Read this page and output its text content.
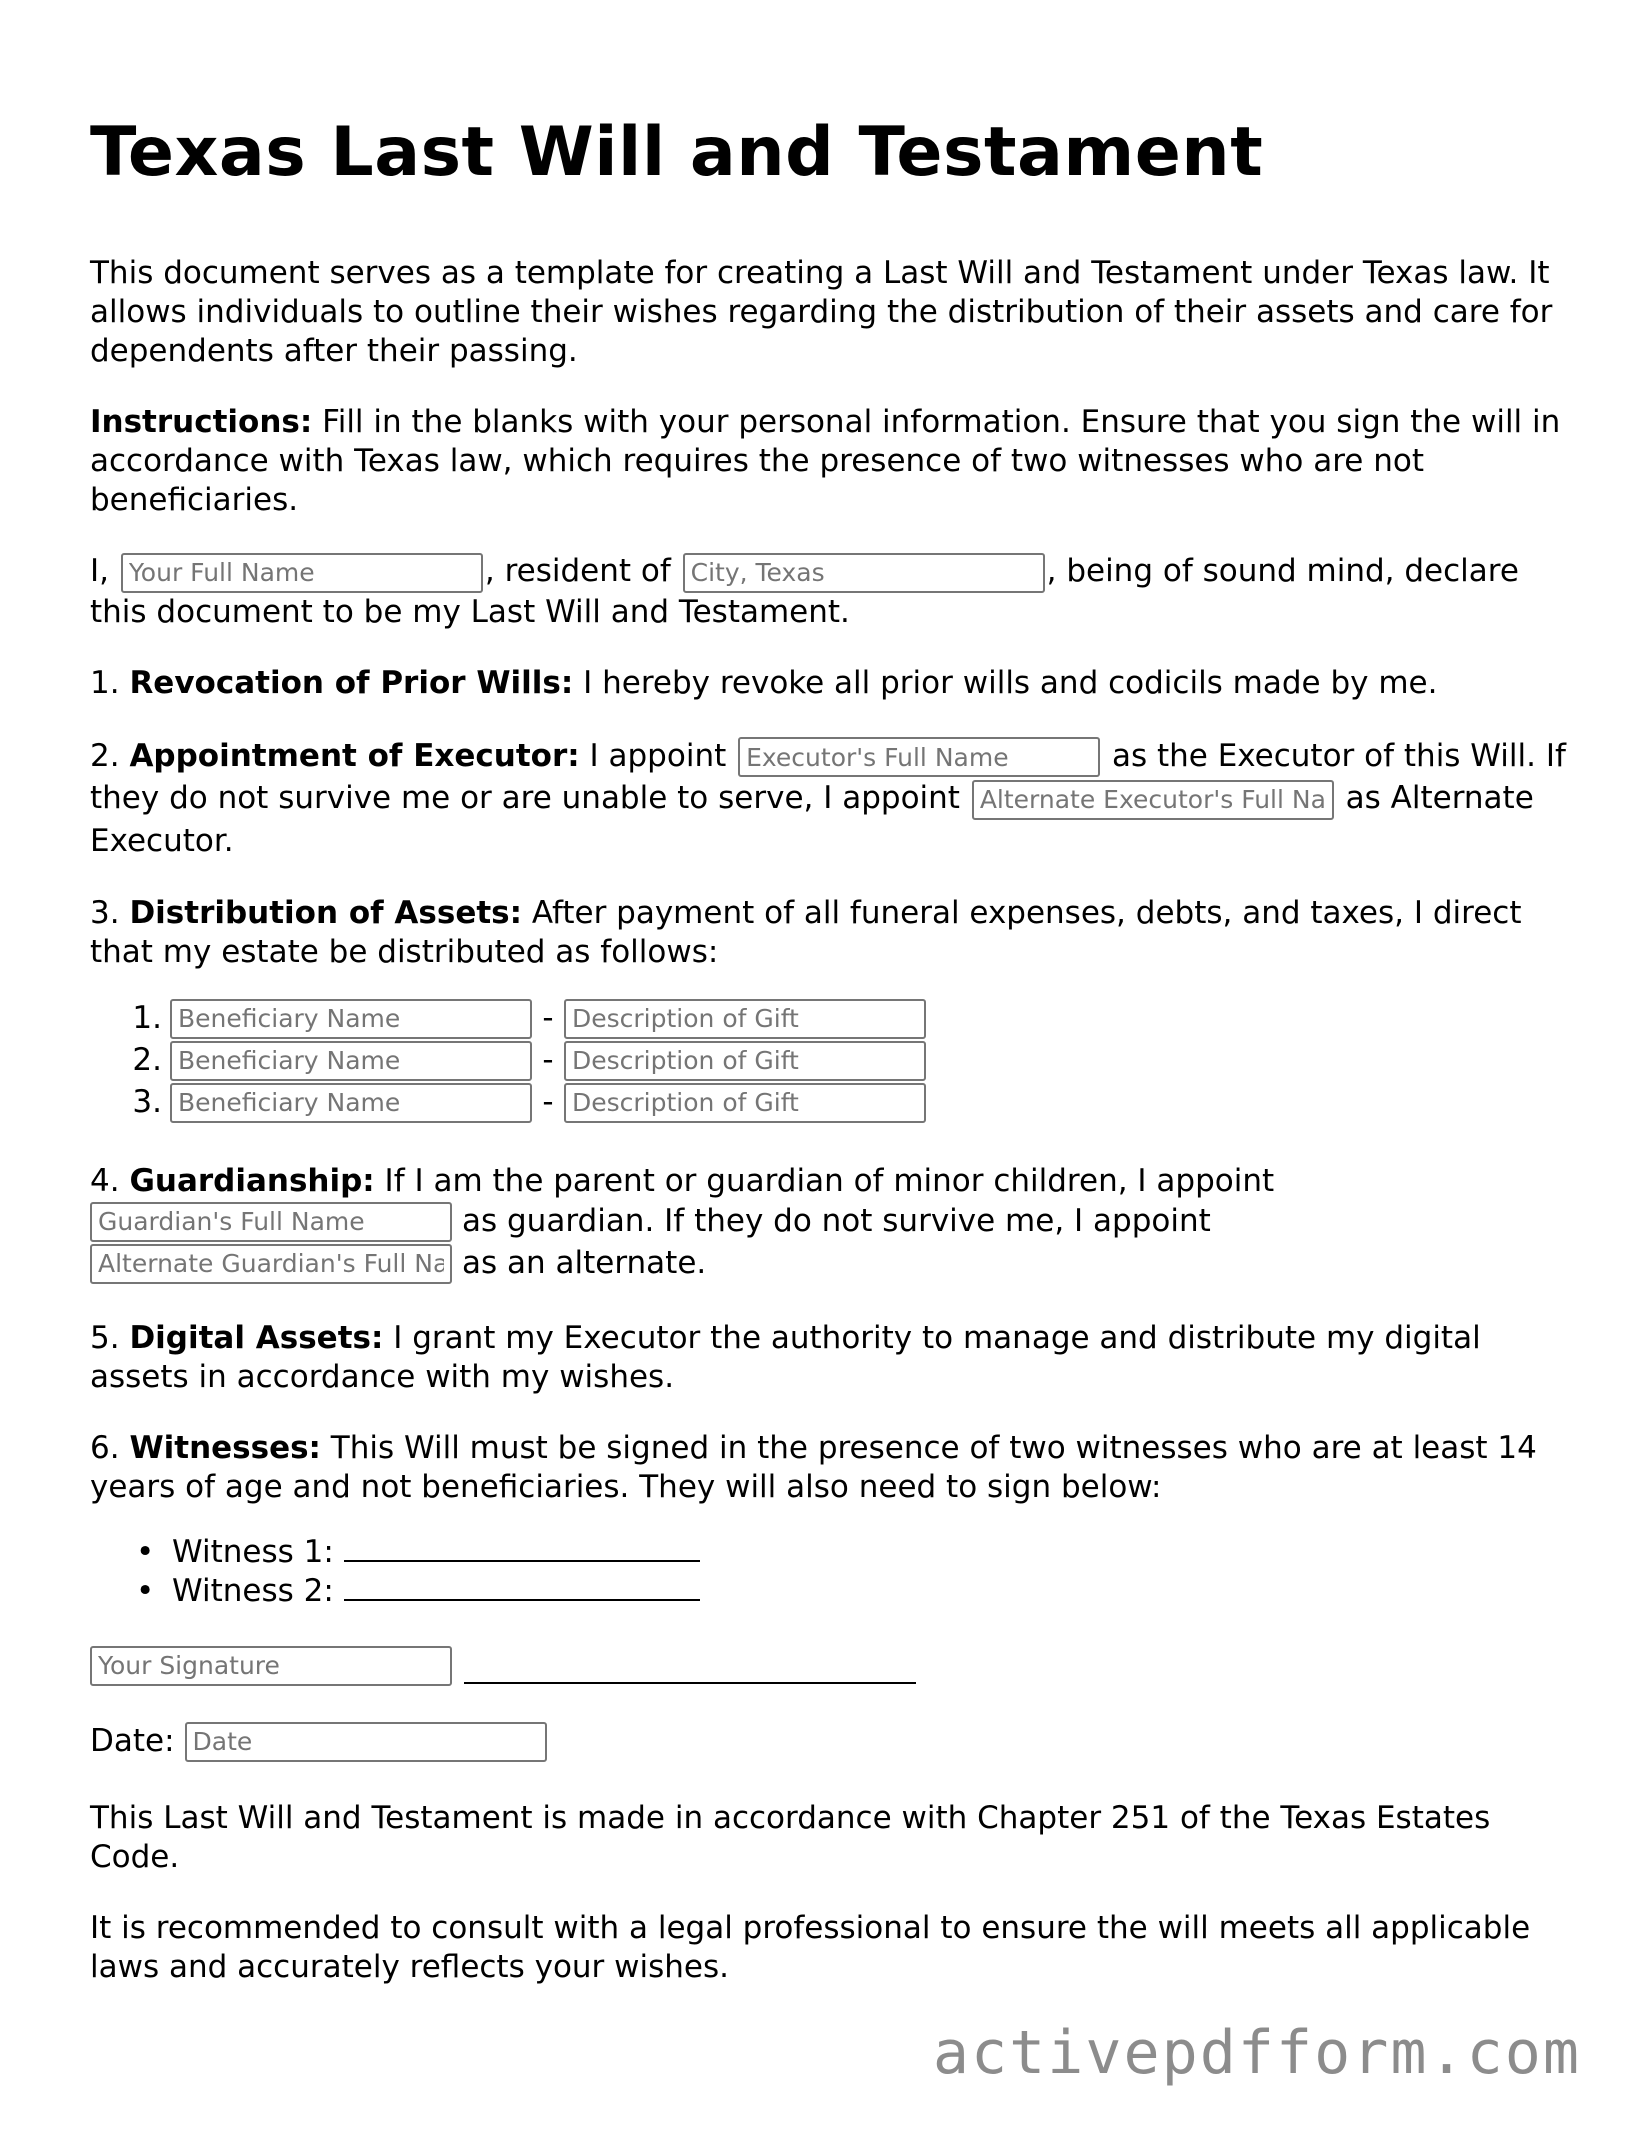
Texas Last Will and Testament

This document serves as a template for creating a Last Will and Testament under Texas law. It allows individuals to outline their wishes regarding the distribution of their assets and care for dependents after their passing.

Instructions: Fill in the blanks with your personal information. Ensure that you sign the will in accordance with Texas law, which requires the presence of two witnesses who are not beneficiaries.

I, Your Full Name	, resident of City, Texas	, being of sound mind, declare this document to be my Last Will and Testament.

1. Revocation of Prior Wills: I hereby revoke all prior wills and codicils made by me.

2. Appointment of Executor: I appoint Executor's Full Name	as the Executor of this Will. If they do not survive me or are unable to serve, I appoint Alternate Executor's Full Name	as Alternate Executor.

3. Distribution of Assets: After payment of all funeral expenses, debts, and taxes, I direct that my estate be distributed as follows:

1.
Beneficiary Name	-
Description of Gift
2.
Beneficiary Name	-
Description of Gift
3.
Beneficiary Name	-
Description of Gift
4. Guardianship: If I am the parent or guardian of minor children, I appoint
Guardian's Full Name
as guardian. If they do not survive me, I appoint
Alternate Guardian's Full Name
as an alternate.

5. Digital Assets: I grant my Executor the authority to manage and distribute my digital assets in accordance with my wishes.

6. Witnesses: This Will must be signed in the presence of two witnesses who are at least 14 years of age and not beneficiaries. They will also need to sign below:

• Witness 1:
• Witness 2:
Your Signature
Date:
Date

This Last Will and Testament is made in accordance with Chapter 251 of the Texas Estates Code.

It is recommended to consult with a legal professional to ensure the will meets all applicable laws and accurately reflects your wishes.

activepdfform.com
